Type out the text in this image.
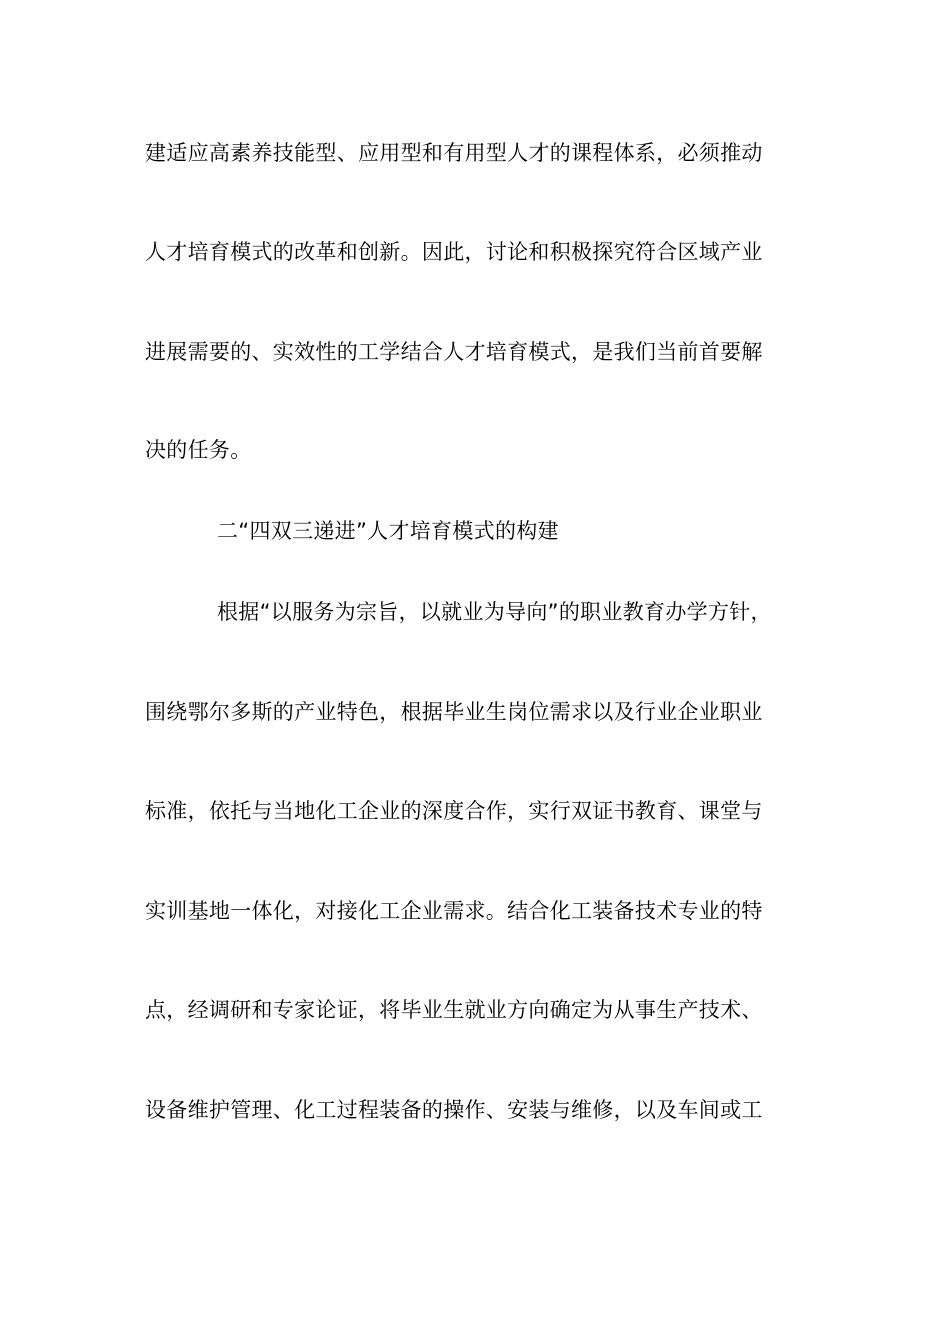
建适应高素养技能型、应用型和有用型人才的课程体系，必须推动
人才培育模式的改革和创新。因此，讨论和积极探究符合区域产业
进展需要的、实效性的工学结合人才培育模式，是我们当前首要解
决的任务。
二“四双三递进”人才培育模式的构建
根据“以服务为宗旨，以就业为导向”的职业教育办学方针，
围绕鄂尔多斯的产业特色，根据毕业生岗位需求以及行业企业职业
标准，依托与当地化工企业的深度合作，实行双证书教育、课堂与
实训基地一体化，对接化工企业需求。结合化工装备技术专业的特
点，经调研和专家论证，将毕业生就业方向确定为从事生产技术、
设备维护管理、化工过程装备的操作、安装与维修，以及车间或工
